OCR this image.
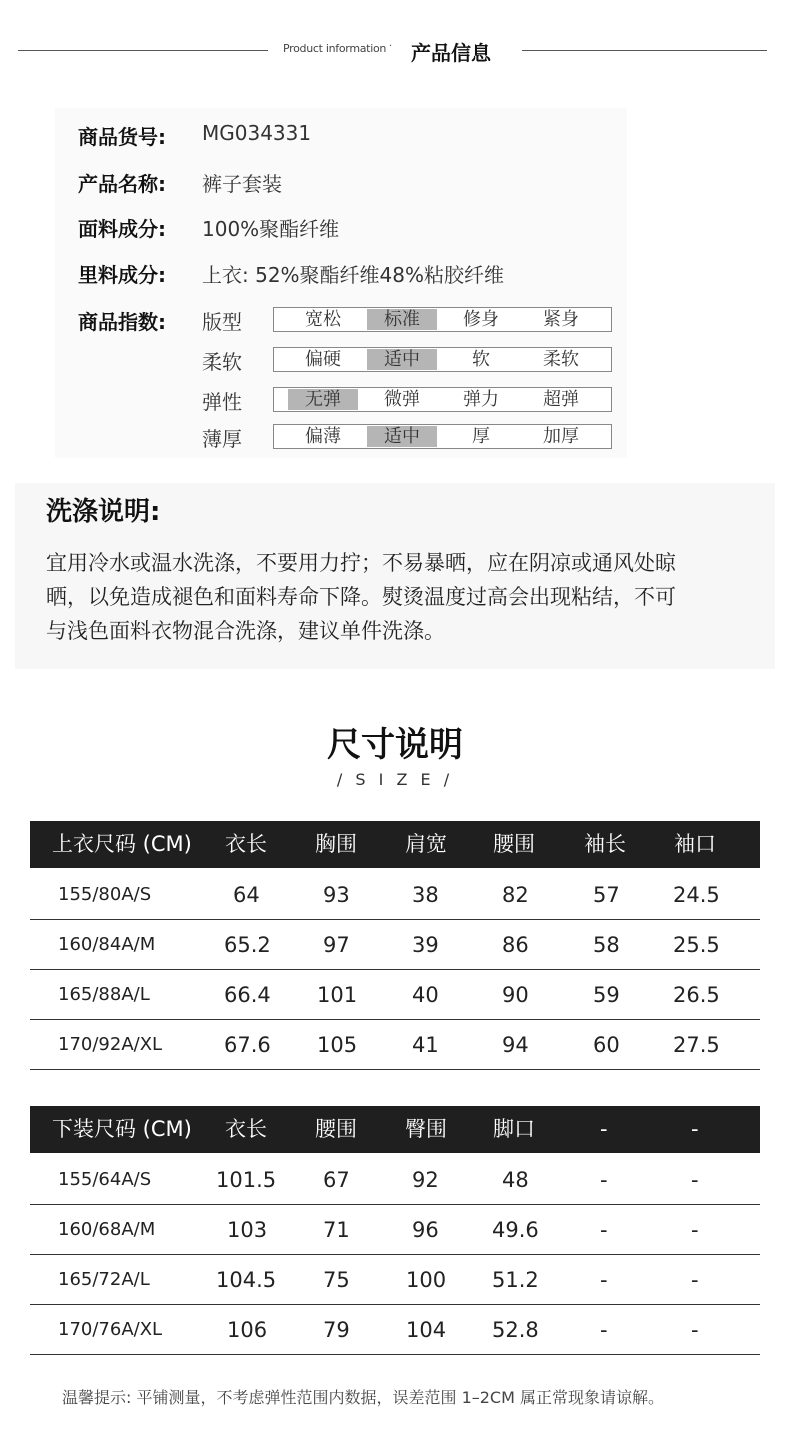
Product information · 产品信息
商品货号: MG034331
产品名称: 裤子套装
面料成分: 100%聚酯纤维
里料成分: 上衣: 52%聚酯纤维48%粘胶纤维
商品指数: 版型	宽松	标准	修身	紧身
柔软	偏硬	适中	软	柔软
弹性	无弹	微弹	弹力	超弹
薄厚	偏薄	适中	厚	加厚
洗涤说明:
宜用冷水或温水洗涤，不要用力拧；不易暴晒，应在阴凉或通风处晾
晒，以免造成褪色和面料寿命下降。熨烫温度过高会出现粘结，不可
与浅色面料衣物混合洗涤，建议单件洗涤。
尺寸说明
/ S I Z E /
上衣尺码 (CM) 衣长 胸围 肩宽 腰围 袖长 袖口
155/80A/S	64	93	38	82	57	24.5
160/84A/M	65.2 97	39	86	58	25.5
165/88A/L	66.4 101	40	90	59	26.5
170/92A/XL	67.6 105	41	94	60	27.5
下装尺码 (CM) 衣长 腰围 臀围 脚口	-	-
155/64A/S	101.5 67	92	48	-	-
160/68A/M	103	71	96	49.6	-	-
165/72A/L	104.5 75	100 51.2	-	-
170/76A/XL	106	79	104 52.8	-	-
温馨提示: 平铺测量，不考虑弹性范围内数据，误差范围 1–2CM 属正常现象请谅解。
